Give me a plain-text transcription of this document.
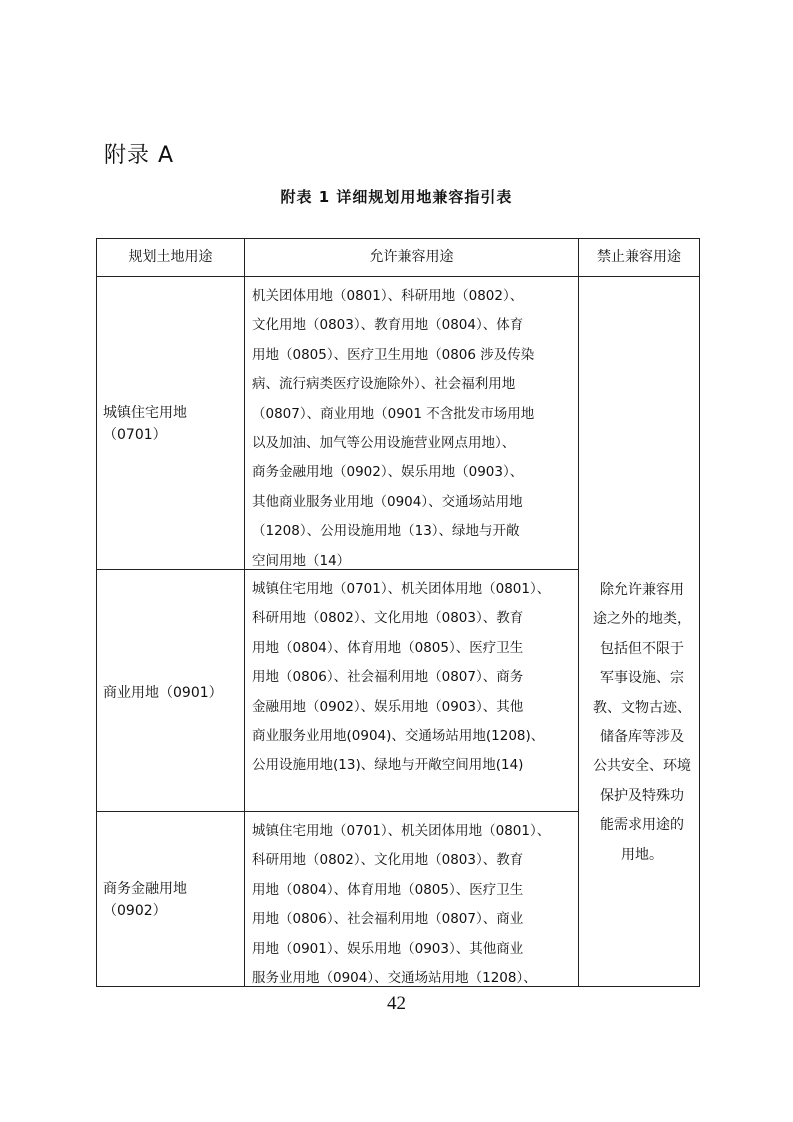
附录 A
附表 1 详细规划用地兼容指引表
规划土地用途	允许兼容用途	禁止兼容用途
城镇住宅用地
（0701）
机关团体用地（0801）、科研用地（0802）、
文化用地（0803）、教育用地（0804）、体育
用地（0805）、医疗卫生用地（0806 涉及传染
病、流行病类医疗设施除外）、社会福利用地
（0807）、商业用地（0901 不含批发市场用地
以及加油、加气等公用设施营业网点用地）、
商务金融用地（0902）、娱乐用地（0903）、
其他商业服务业用地（0904）、交通场站用地
（1208）、公用设施用地（13）、绿地与开敞
空间用地（14）
商业用地（0901）
城镇住宅用地（0701）、机关团体用地（0801）、
科研用地（0802）、文化用地（0803）、教育
用地（0804）、体育用地（0805）、医疗卫生
用地（0806）、社会福利用地（0807）、商务
金融用地（0902）、娱乐用地（0903）、其他
商业服务业用地(0904)、交通场站用地(1208)、
公用设施用地(13)、绿地与开敞空间用地(14)
商务金融用地
（0902）
城镇住宅用地（0701）、机关团体用地（0801）、
科研用地（0802）、文化用地（0803）、教育
用地（0804）、体育用地（0805）、医疗卫生
用地（0806）、社会福利用地（0807）、商业
用地（0901）、娱乐用地（0903）、其他商业
服务业用地（0904）、交通场站用地（1208）、
除允许兼容用
途之外的地类，
包括但不限于
军事设施、宗
教、文物古迹、
储备库等涉及
公共安全、环境
保护及特殊功
能需求用途的
用地。
42
